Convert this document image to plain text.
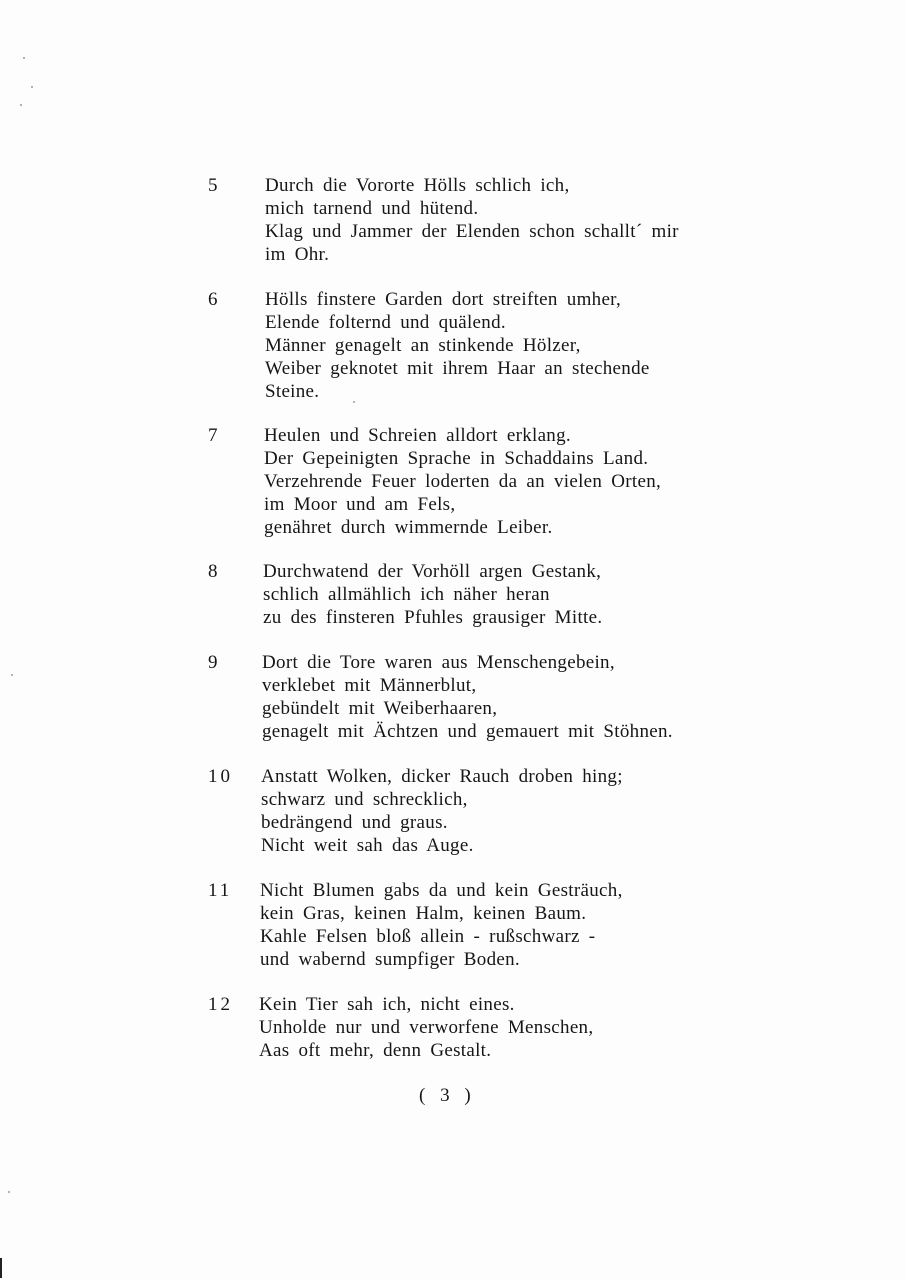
5 Durch die Vororte Hölls schlich ich,
mich tarnend und hütend.
Klag und Jammer der Elenden schon schallt´ mir
im Ohr.
6 Hölls finstere Garden dort streiften umher,
Elende folternd und quälend.
Männer genagelt an stinkende Hölzer,
Weiber geknotet mit ihrem Haar an stechende
Steine.
7 Heulen und Schreien alldort erklang.
Der Gepeinigten Sprache in Schaddains Land.
Verzehrende Feuer loderten da an vielen Orten,
im Moor und am Fels,
genähret durch wimmernde Leiber.
8 Durchwatend der Vorhöll argen Gestank,
schlich allmählich ich näher heran
zu des finsteren Pfuhles grausiger Mitte.
9 Dort die Tore waren aus Menschengebein,
verklebet mit Männerblut,
gebündelt mit Weiberhaaren,
genagelt mit Ächtzen und gemauert mit Stöhnen.
10 Anstatt Wolken, dicker Rauch droben hing;
schwarz und schrecklich,
bedrängend und graus.
Nicht weit sah das Auge.
11 Nicht Blumen gabs da und kein Gesträuch,
kein Gras, keinen Halm, keinen Baum.
Kahle Felsen bloß allein - rußschwarz -
und wabernd sumpfiger Boden.
12 Kein Tier sah ich, nicht eines.
Unholde nur und verworfene Menschen,
Aas oft mehr, denn Gestalt.
( 3 )
